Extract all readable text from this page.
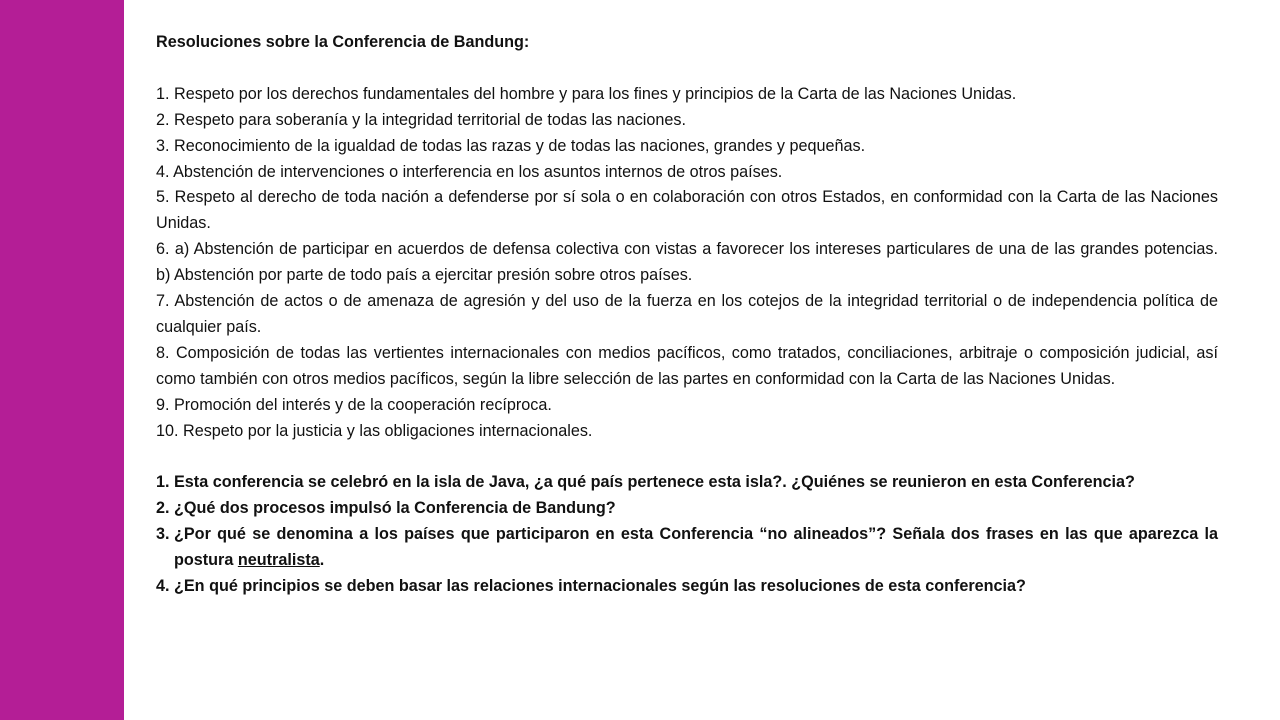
Resoluciones sobre la Conferencia de Bandung:

1. Respeto por los derechos fundamentales del hombre y para los fines y principios de la Carta de las Naciones Unidas.

2. Respeto para soberanía y la integridad territorial de todas las naciones.

3. Reconocimiento de la igualdad de todas las razas y de todas las naciones, grandes y pequeñas.

4. Abstención de intervenciones o interferencia en los asuntos internos de otros países.

5. Respeto al derecho de toda nación a defenderse por sí sola o en colaboración con otros Estados, en conformidad con la Carta de las Naciones Unidas.

6. a) Abstención de participar en acuerdos de defensa colectiva con vistas a favorecer los intereses particulares de una de las grandes potencias. b) Abstención por parte de todo país a ejercitar presión sobre otros países.

7. Abstención de actos o de amenaza de agresión y del uso de la fuerza en los cotejos de la integridad territorial o de independencia política de cualquier país.

8. Composición de todas las vertientes internacionales con medios pacíficos, como tratados, conciliaciones, arbitraje o composición judicial, así como también con otros medios pacíficos, según la libre selección de las partes en conformidad con la Carta de las Naciones Unidas.

9. Promoción del interés y de la cooperación recíproca.

10. Respeto por la justicia y las obligaciones internacionales.

1. Esta conferencia se celebró en la isla de Java, ¿a qué país pertenece esta isla?. ¿Quiénes se reunieron en esta Conferencia?
2. ¿Qué dos procesos impulsó la Conferencia de Bandung?
3. ¿Por qué se denomina a los países que participaron en esta Conferencia “no alineados”? Señala dos frases en las que aparezca la postura neutralista.
4. ¿En qué principios se deben basar las relaciones internacionales según las resoluciones de esta conferencia?
